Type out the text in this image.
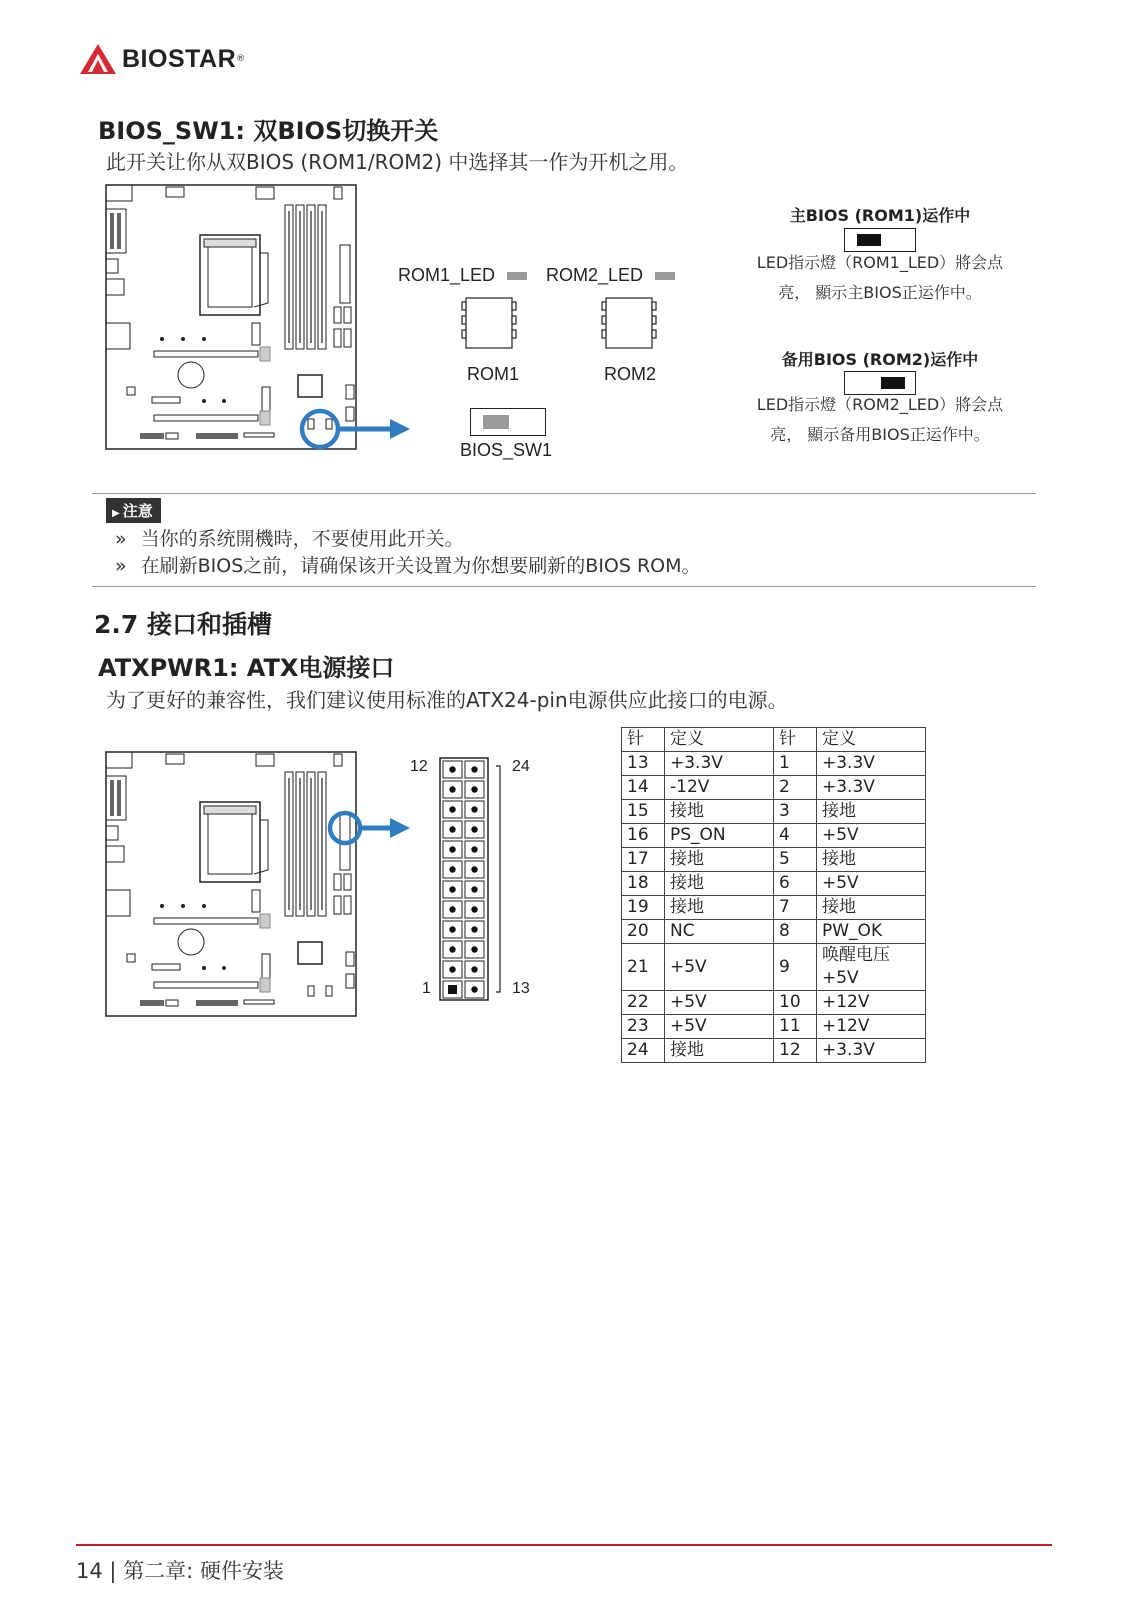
BIOSTAR ®
BIOS_SW1: 双BIOS切换开关
此开关让你从双BIOS (ROM1/ROM2) 中选择其一作为开机之用。
ROM1_LED	ROM2_LED
ROM1	ROM2
BIOS_SW1
主BIOS (ROM1)运作中
LED指示燈（ROM1_LED）將会点
亮， 顯示主BIOS正运作中。
备用BIOS (ROM2)运作中
LED指示燈（ROM2_LED）將会点
亮， 顯示备用BIOS正运作中。
▶ 注意
» 当你的系统開機時，不要使用此开关。
» 在刷新BIOS之前，请确保该开关设置为你想要刷新的BIOS ROM。
2.7 接口和插槽
ATXPWR1: ATX电源接口
为了更好的兼容性，我们建议使用标准的ATX24-pin电源供应此接口的电源。
12	24
1	13
针	定义	针	定义
13	+3.3V	1	+3.3V
14	-12V	2	+3.3V
15	接地	3	接地
16	PS_ON	4	+5V
17	接地	5	接地
18	接地	6	+5V
19	接地	7	接地
20	NC	8	PW_OK
21	+5V	9	唤醒电压+5V
22	+5V	10	+12V
23	+5V	11	+12V
24	接地	12	+3.3V
14 | 第二章: 硬件安装
